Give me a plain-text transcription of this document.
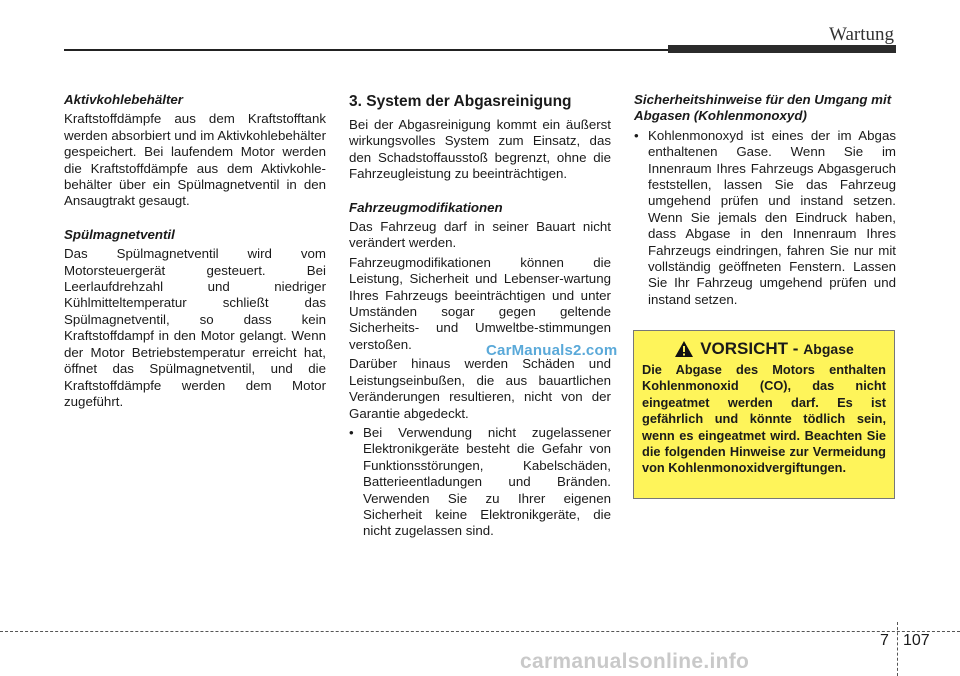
Wartung
Aktivkohlebehälter

Kraftstoffdämpfe aus dem Kraftstofftank werden absorbiert und im Aktivkohlebehälter gespeichert. Bei laufendem Motor werden die Kraftstoffdämpfe aus dem Aktivkohle-behälter über ein Spülmagnetventil in den Ansaugtrakt gesaugt.

Spülmagnetventil

Das Spülmagnetventil wird vom Motorsteuergerät gesteuert. Bei Leerlaufdrehzahl und niedriger Kühlmitteltemperatur schließt das Spülmagnetventil, so dass kein Kraftstoffdampf in den Motor gelangt. Wenn der Motor Betriebstemperatur erreicht hat, öffnet das Spülmagnetventil, und die Kraftstoffdämpfe werden dem Motor zugeführt.

3. System der Abgasreinigung

Bei der Abgasreinigung kommt ein äußerst wirkungsvolles System zum Einsatz, das den Schadstoffausstoß begrenzt, ohne die Fahrzeugleistung zu beeinträchtigen.

Fahrzeugmodifikationen

Das Fahrzeug darf in seiner Bauart nicht verändert werden.

Fahrzeugmodifikationen können die Leistung, Sicherheit und Lebenser-wartung Ihres Fahrzeugs beeinträchtigen und unter Umständen sogar gegen geltende Sicherheits- und Umweltbe-stimmungen verstoßen.

Darüber hinaus werden Schäden und Leistungseinbußen, die aus bauartlichen Veränderungen resultieren, nicht von der Garantie abgedeckt.

• Bei Verwendung nicht zugelassener Elektronikgeräte besteht die Gefahr von Funktionsstörungen, Kabelschäden, Batterieentladungen und Bränden. Verwenden Sie zu Ihrer eigenen Sicherheit keine Elektronikgeräte, die nicht zugelassen sind.
CarManuals2.com
Sicherheitshinweise für den Umgang mit Abgasen (Kohlenmonoxyd)
• Kohlenmonoxyd ist eines der im Abgas enthaltenen Gase. Wenn Sie im Innenraum Ihres Fahrzeugs Abgasgeruch feststellen, lassen Sie das Fahrzeug umgehend prüfen und instand setzen. Wenn Sie jemals den Eindruck haben, dass Abgase in den Innenraum Ihres Fahrzeugs eindringen, fahren Sie nur mit vollständig geöffneten Fenstern. Lassen Sie Ihr Fahrzeug umgehend prüfen und instand setzen.
VORSICHT - Abgase
Die Abgase des Motors enthalten Kohlenmonoxid (CO), das nicht eingeatmet werden darf. Es ist gefährlich und könnte tödlich sein, wenn es eingeatmet wird. Beachten Sie die folgenden Hinweise zur Vermeidung von Kohlenmonoxidvergiftungen.
7 107
carmanualsonline.info
